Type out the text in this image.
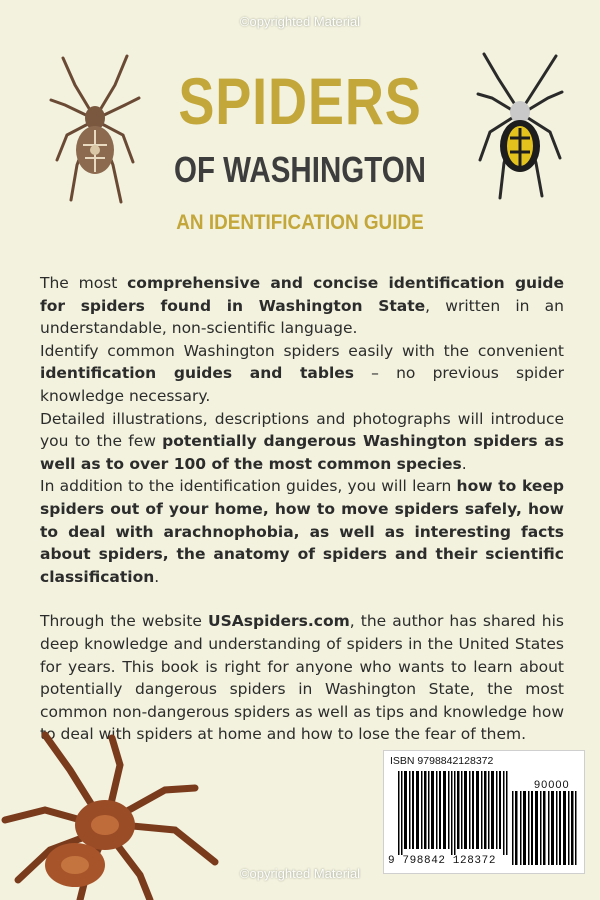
©opyrighted Material
SPIDERS
OF WASHINGTON
AN IDENTIFICATION GUIDE

The most comprehensive and concise identification guide for spiders found in Washington State, written in an understandable, non-scientific language.

Identify common Washington spiders easily with the convenient identification guides and tables – no previous spider knowledge necessary.

Detailed illustrations, descriptions and photographs will introduce you to the few potentially dangerous Washington spiders as well as to over 100 of the most common species.

In addition to the identification guides, you will learn how to keep spiders out of your home, how to move spiders safely, how to deal with arachnophobia, as well as interesting facts about spiders, the anatomy of spiders and their scientific classification.

Through the website USAspiders.com, the author has shared his deep knowledge and understanding of spiders in the United States for years. This book is right for anyone who wants to learn about potentially dangerous spiders in Washington State, the most common non-dangerous spiders as well as tips and knowledge how to deal with spiders at home and how to lose the fear of them.

ISBN 9798842128372
90000
9 798842 128372
©opyrighted Material
